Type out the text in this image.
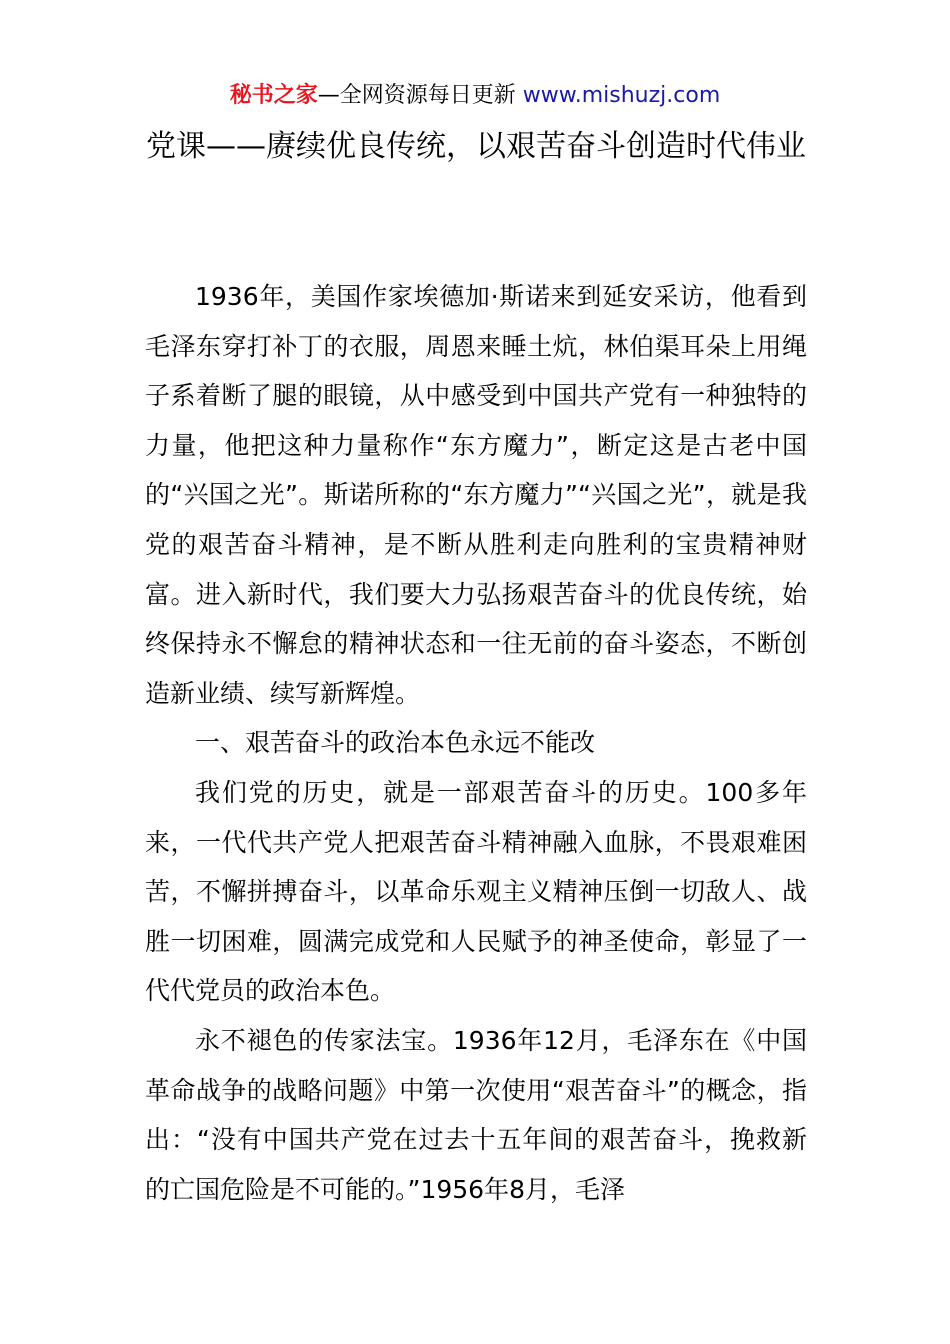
秘书之家—全网资源每日更新 www.mishuzj.com
党课——赓续优良传统，以艰苦奋斗创造时代伟业

1936年，美国作家埃德加·斯诺来到延安采访，他看到毛泽东穿打补丁的衣服，周恩来睡土炕，林伯渠耳朵上用绳子系着断了腿的眼镜，从中感受到中国共产党有一种独特的力量，他把这种力量称作“东方魔力”，断定这是古老中国的“兴国之光”。斯诺所称的“东方魔力”“兴国之光”，就是我党的艰苦奋斗精神，是不断从胜利走向胜利的宝贵精神财富。进入新时代，我们要大力弘扬艰苦奋斗的优良传统，始终保持永不懈怠的精神状态和一往无前的奋斗姿态，不断创造新业绩、续写新辉煌。

一、艰苦奋斗的政治本色永远不能改

我们党的历史，就是一部艰苦奋斗的历史。100多年来，一代代共产党人把艰苦奋斗精神融入血脉，不畏艰难困苦，不懈拼搏奋斗，以革命乐观主义精神压倒一切敌人、战胜一切困难，圆满完成党和人民赋予的神圣使命，彰显了一代代党员的政治本色。

永不褪色的传家法宝。1936年12月，毛泽东在《中国革命战争的战略问题》中第一次使用“艰苦奋斗”的概念，指出：“没有中国共产党在过去十五年间的艰苦奋斗，挽救新的亡国危险是不可能的。”1956年8月，毛泽
